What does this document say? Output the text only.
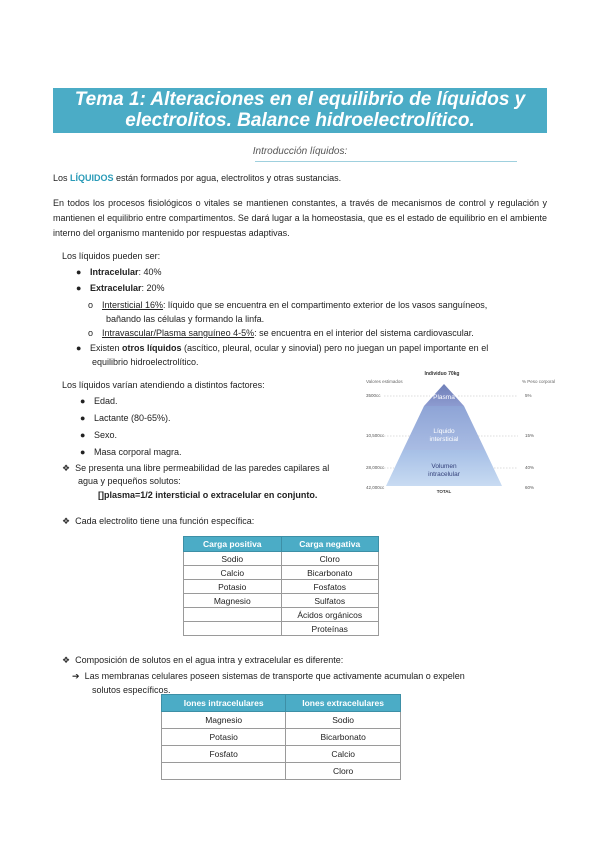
Tema 1: Alteraciones en el equilibrio de líquidos y
electrolitos. Balance hidroelectrolítico.
Introducción líquidos:
Los LÍQUIDOS están formados por agua, electrolitos y otras sustancias.
En todos los procesos fisiológicos o vitales se mantienen constantes, a través de mecanismos de control y regulación y mantienen el equilibrio entre compartimentos. Se dará lugar a la homeostasia, que es el estado de equilibrio en el ambiente interno del organismo mantenido por respuestas adaptivas.
Los líquidos pueden ser:
● Intracelular: 40%
● Extracelular: 20%
o Intersticial 16%: líquido que se encuentra en el compartimento exterior de los vasos sanguíneos,
bañando las células y formando la linfa.
o Intravascular/Plasma sanguíneo 4-5%: se encuentra en el interior del sistema cardiovascular.
● Existen otros líquidos (ascítico, pleural, ocular y sinovial) pero no juegan un papel importante en el
equilibrio hidroelectrolítico.
Los líquidos varían atendiendo a distintos factores:
● Edad.
● Lactante (80-65%).
● Sexo.
● Masa corporal magra.
❖ Se presenta una libre permeabilidad de las paredes capilares al
agua y pequeños solutos:
[]plasma=1/2 intersticial o extracelular en conjunto.
Individuo 70kg
Valores estimados	% Peso corporal
Plasma
Líquido
intersticial
Volumen
intracelular
3500cc
10,500cc
28,000cc
42,000cc
5%
15%
40%
60%
TOTAL
❖ Cada electrolito tiene una función específica:
Carga positiva	Carga negativa
Sodio	Cloro
Calcio	Bicarbonato
Potasio	Fosfatos
Magnesio	Sulfatos
	Ácidos orgánicos
	Proteínas
❖ Composición de solutos en el agua intra y extracelular es diferente:
➔ Las membranas celulares poseen sistemas de transporte que activamente acumulan o expelen
solutos específicos.
Iones intracelulares	Iones extracelulares
Magnesio	Sodio
Potasio	Bicarbonato
Fosfato	Calcio
	Cloro
